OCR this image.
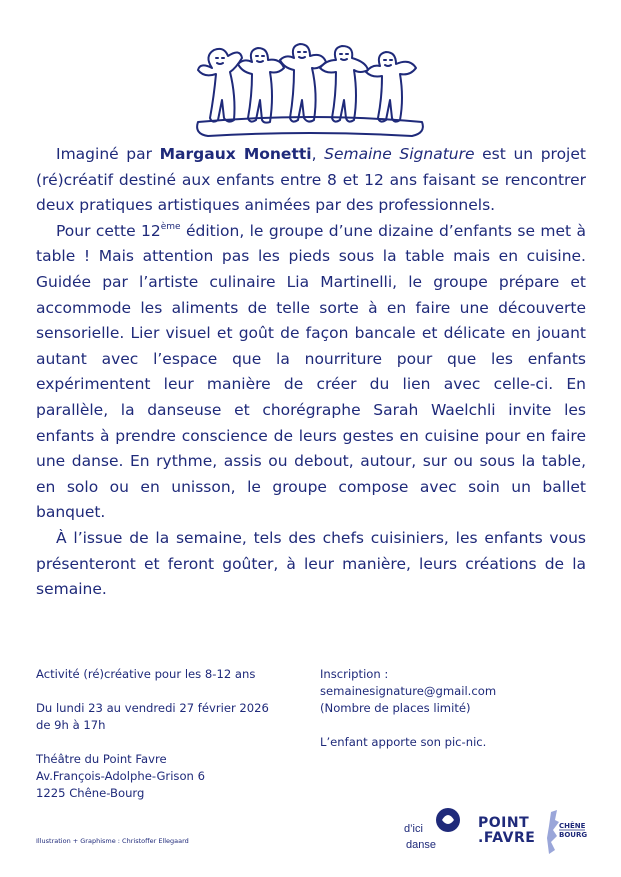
Imaginé par Margaux Monetti, Semaine Signature est un projet (ré)créatif destiné aux enfants entre 8 et 12 ans faisant se rencontrer deux pratiques artistiques animées par des professionnels.

Pour cette 12ème édition, le groupe d’une dizaine d’enfants se met à table ! Mais attention pas les pieds sous la table mais en cuisine. Guidée par l’artiste culinaire Lia Martinelli, le groupe prépare et accommode les aliments de telle sorte à en faire une découverte sensorielle. Lier visuel et goût de façon bancale et délicate en jouant autant avec l’espace que la nourriture pour que les enfants expérimentent leur manière de créer du lien avec celle-ci. En parallèle, la danseuse et chorégraphe Sarah Waelchli invite les enfants à prendre conscience de leurs gestes en cuisine pour en faire une danse. En rythme, assis ou debout, autour, sur ou sous la table, en solo ou en unisson, le groupe compose avec soin un ballet banquet.

À l’issue de la semaine, tels des chefs cuisiniers, les enfants vous présenteront et feront goûter, à leur manière, leurs créations de la semaine.

Activité (ré)créative pour les 8-12 ans

Du lundi 23 au vendredi 27 février 2026

de 9h à 17h

Théâtre du Point Favre

Av.François-Adolphe-Grison 6

1225 Chêne-Bourg

Inscription :

semainesignature@gmail.com

(Nombre de places limité)

L’enfant apporte son pic-nic.

Illustration + Graphisme : Christoffer Ellegaard
d’ici
danse
POINT
.FAVRE
CHÊNE
BOURG
